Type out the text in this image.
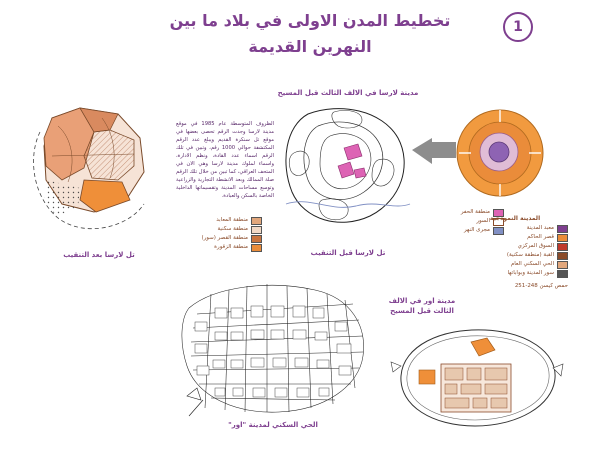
تخطيط المدن الاولى في بلاد ما بين
النهرين القديمة
1
تل لارسا بعد التنقيب
منطقة المعابد
منطقة سكنية
منطقة القصر (سور)
منطقة الزقورة
الظروف المتوسطة عام 1985 في موقع مدينة لارسا وجدت الرقم تحصى بعضها في موقع تل سنكرة القديم ويبلغ عدد الرقم المكتشفة حوالي 1000 رقم، وتبين في تلك الرقم اسماء عدد القادة، ونظم الادارة، واسماء لملوك مدينة لارسا وهي الان في المتحف العراقي، كما تبين من خلال تلك الرقم صلة الممالك وبعد الانشطة التجارية والزراعية وتوسع مساحات المدينة وتقسيماتها الداخلية الخاصة بالسكن والعبادة.
مدينة لارسا في الالف الثالث قبل المسيح
تل لارسا قبل التنقيب
منطقة الحفر
السور
مجرى النهر
المدينة النموذجية
معبد المدينة
قصر الحاكم
السوق المركزي
القبة (منطقة سكنية)
الحي السكني العام
سور المدينة وبواباتها
حمص كيسن 248-251
مدينة اور في الالف
الثالث قبل المسيح
الحي السكني لمدينة "اور"
